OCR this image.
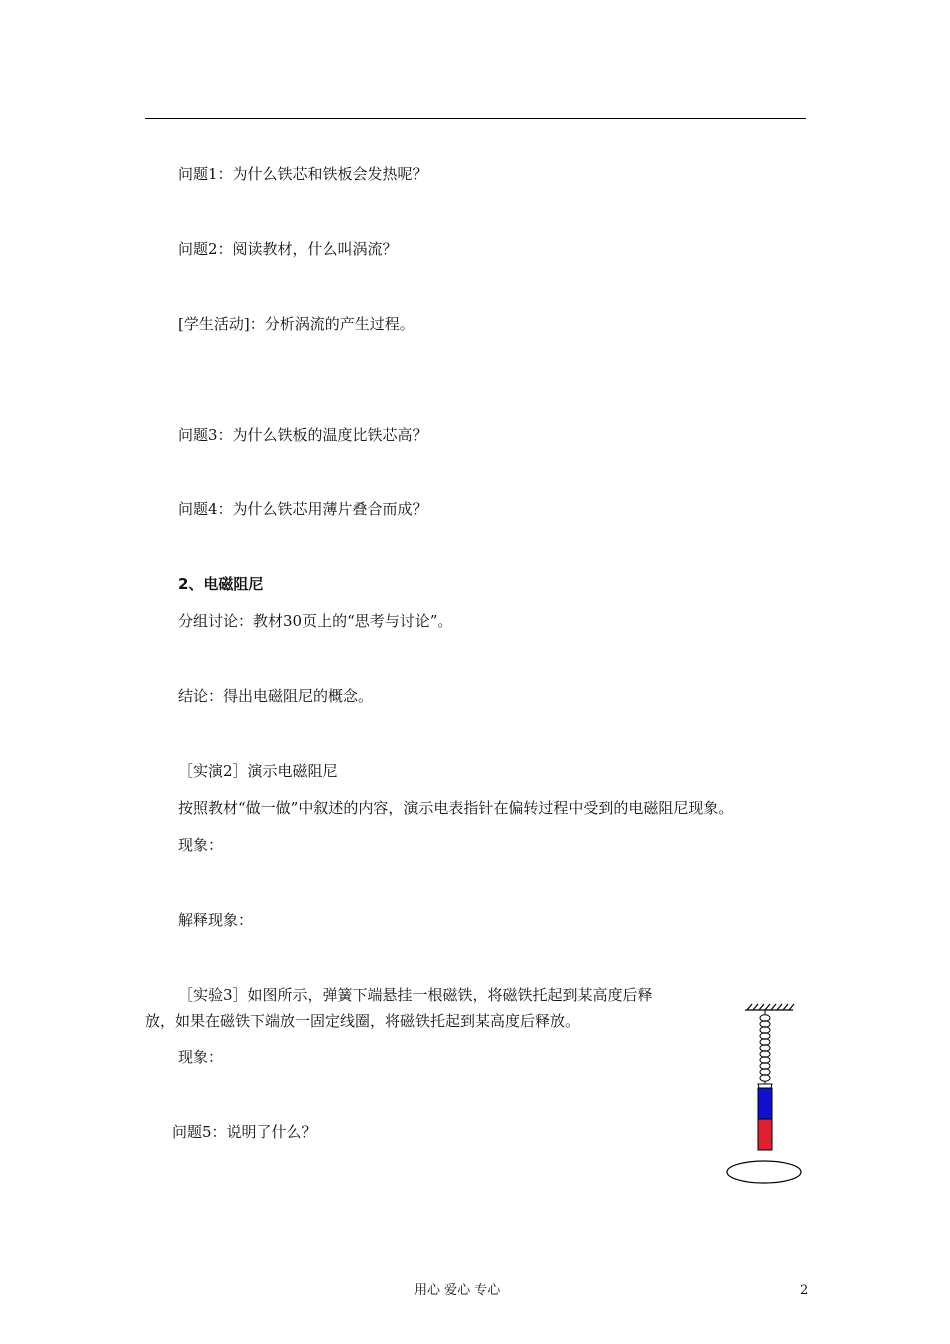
问题1：为什么铁芯和铁板会发热呢？
问题2：阅读教材，什么叫涡流？
[学生活动]：分析涡流的产生过程。
问题3：为什么铁板的温度比铁芯高？
问题4：为什么铁芯用薄片叠合而成？
2、电磁阻尼
分组讨论：教材30页上的“思考与讨论”。
结论：得出电磁阻尼的概念。
［实演2］演示电磁阻尼
按照教材“做一做”中叙述的内容，演示电表指针在偏转过程中受到的电磁阻尼现象。
现象：
解释现象：
［实验3］如图所示，弹簧下端悬挂一根磁铁，将磁铁托起到某高度后释
放，如果在磁铁下端放一固定线圈，将磁铁托起到某高度后释放。
现象：
问题5：说明了什么？
用心 爱心 专心	2
